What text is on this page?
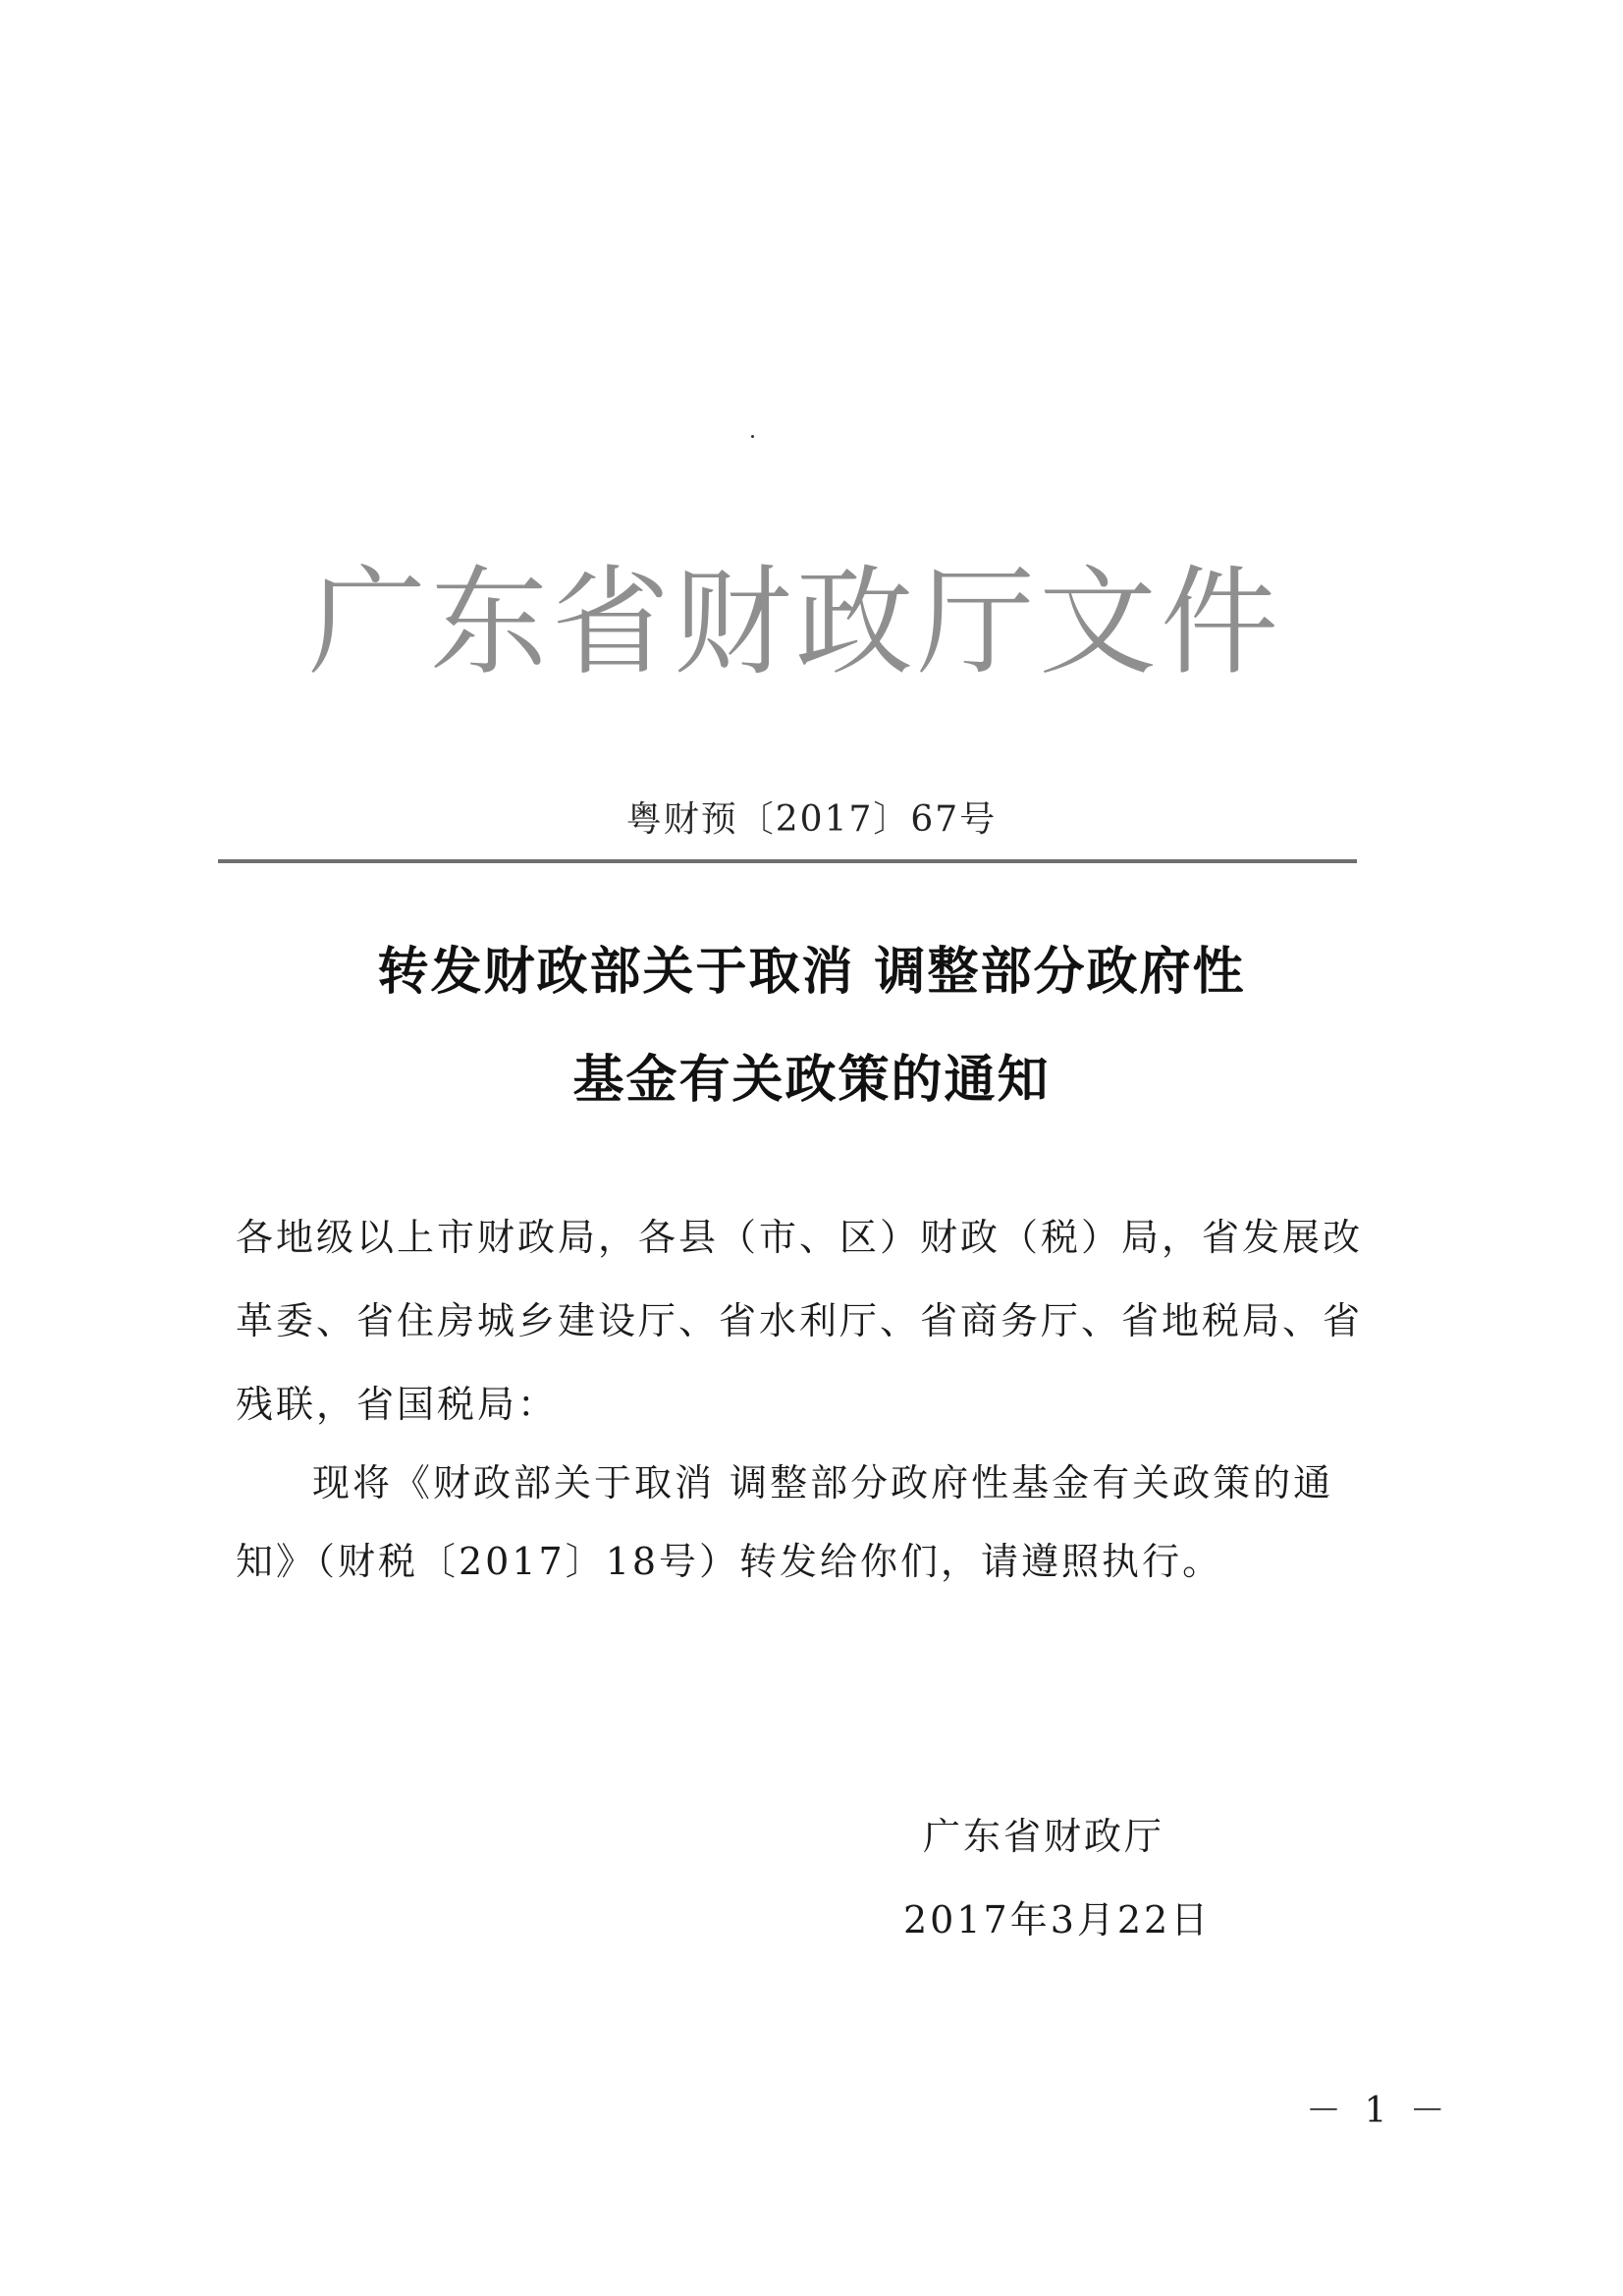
广东省财政厅文件
粤财预〔2017〕67号
转发财政部关于取消 调整部分政府性
基金有关政策的通知
各地级以上市财政局，各县（市、区）财政（税）局，省发展改
革委、省住房城乡建设厅、省水利厅、省商务厅、省地税局、省
残联，省国税局：
现将《财政部关于取消 调整部分政府性基金有关政策的通
知》（财税〔2017〕18号）转发给你们，请遵照执行。
广东省财政厅
2017年3月22日
－ 1 －
